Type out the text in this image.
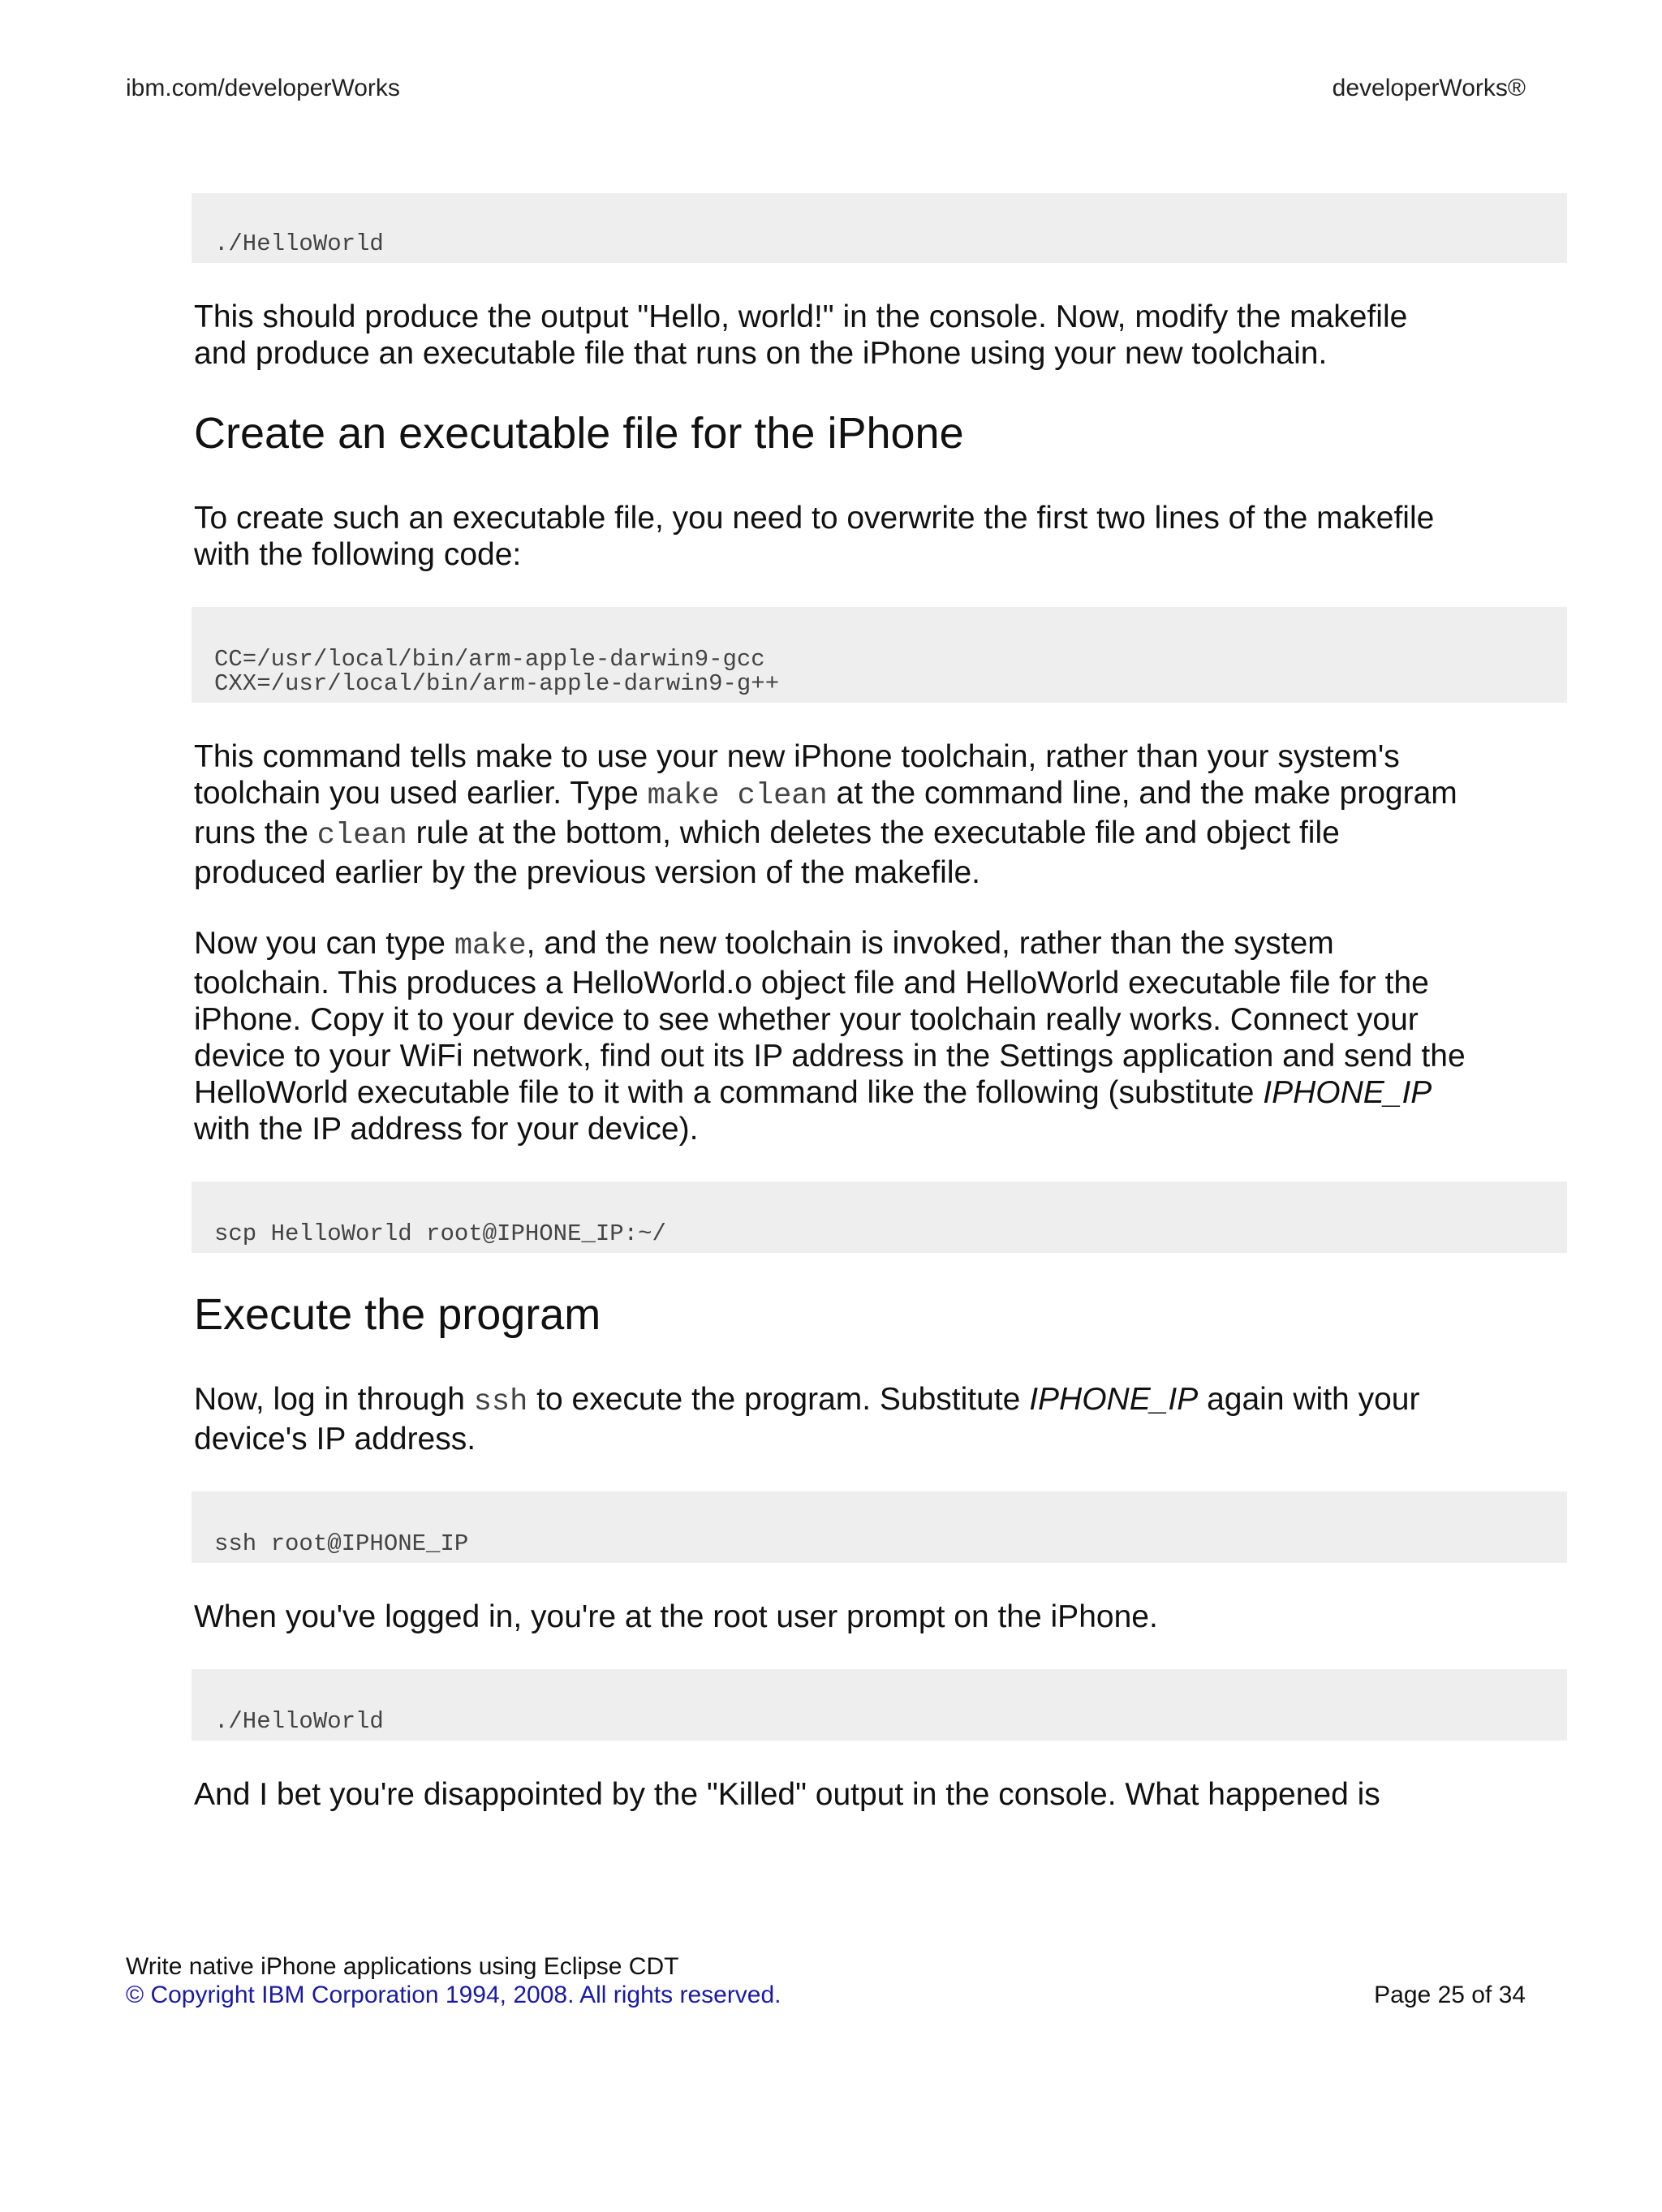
ibm.com/developerWorks	developerWorks®
./HelloWorld

This should produce the output "Hello, world!" in the console. Now, modify the makefile and produce an executable file that runs on the iPhone using your new toolchain.

Create an executable file for the iPhone

To create such an executable file, you need to overwrite the first two lines of the makefile with the following code:

CC=/usr/local/bin/arm-apple-darwin9-gcc
CXX=/usr/local/bin/arm-apple-darwin9-g++

This command tells make to use your new iPhone toolchain, rather than your system's toolchain you used earlier. Type make clean at the command line, and the make program runs the clean rule at the bottom, which deletes the executable file and object file produced earlier by the previous version of the makefile.

Now you can type make, and the new toolchain is invoked, rather than the system toolchain. This produces a HelloWorld.o object file and HelloWorld executable file for the iPhone. Copy it to your device to see whether your toolchain really works. Connect your device to your WiFi network, find out its IP address in the Settings application and send the HelloWorld executable file to it with a command like the following (substitute IPHONE_IP with the IP address for your device).

scp HelloWorld root@IPHONE_IP:~/
Execute the program

Now, log in through ssh to execute the program. Substitute IPHONE_IP again with your device's IP address.

ssh root@IPHONE_IP

When you've logged in, you're at the root user prompt on the iPhone.

./HelloWorld

And I bet you're disappointed by the "Killed" output in the console. What happened is

Write native iPhone applications using Eclipse CDT
© Copyright IBM Corporation 1994, 2008. All rights reserved.	Page 25 of 34
